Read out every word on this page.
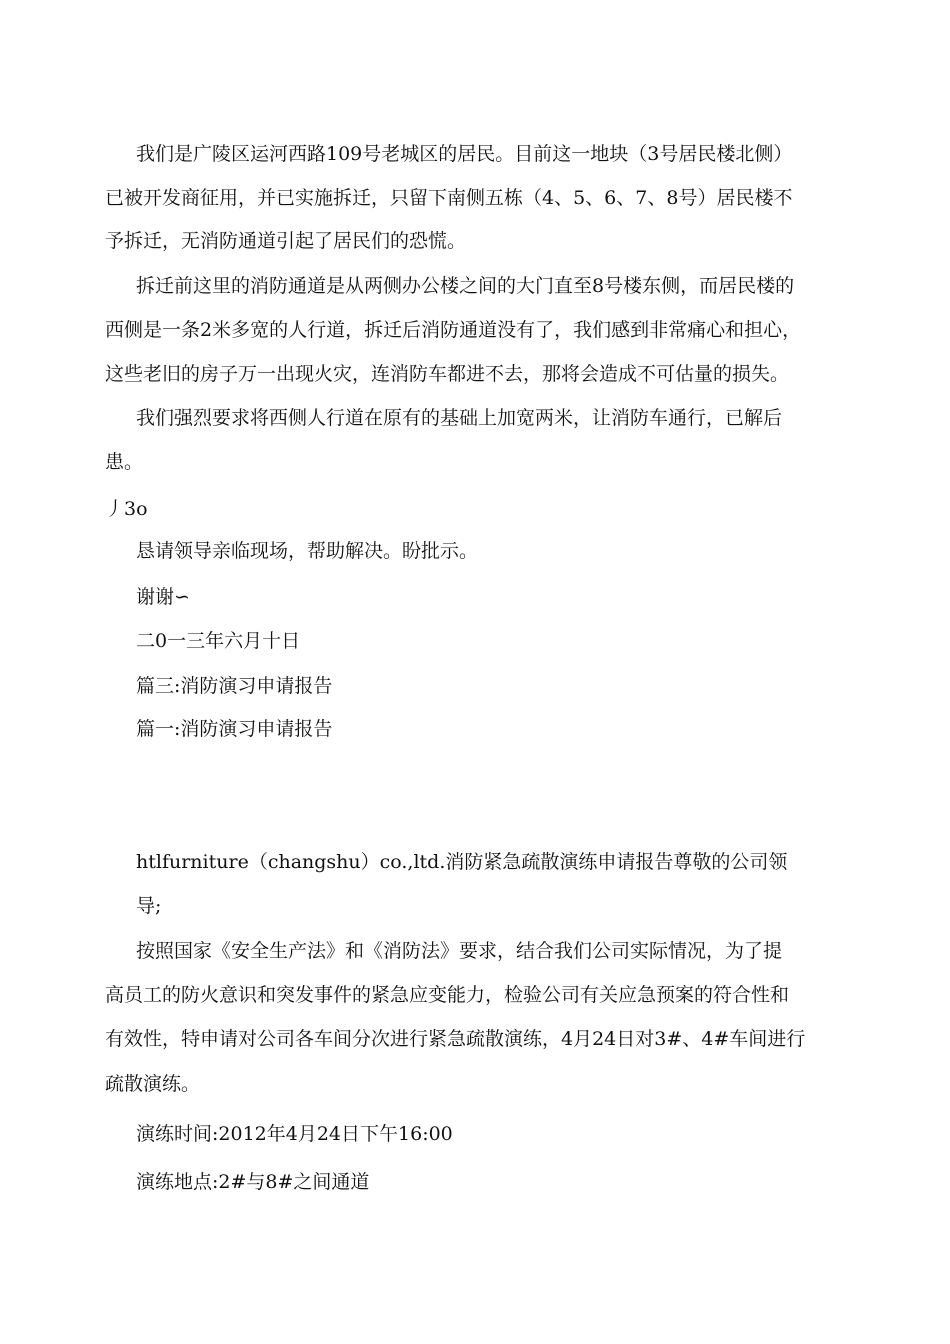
我们是广陵区运河西路109号老城区的居民。目前这一地块（3号居民楼北侧）

已被开发商征用，并已实施拆迁，只留下南侧五栋（4、5、6、7、8号）居民楼不

予拆迁，无消防通道引起了居民们的恐慌。

拆迁前这里的消防通道是从两侧办公楼之间的大门直至8号楼东侧，而居民楼的

西侧是一条2米多宽的人行道，拆迁后消防通道没有了，我们感到非常痛心和担心，

这些老旧的房子万一出现火灾，连消防车都进不去，那将会造成不可估量的损失。

我们强烈要求将西侧人行道在原有的基础上加宽两米，让消防车通行，已解后

患。

丿3o

恳请领导亲临现场，帮助解决。盼批示。

谢谢∽

二0一三年六月十日

篇三:消防演习申请报告

篇一:消防演习申请报告

htlfurniture（changshu）co.,ltd.消防紧急疏散演练申请报告尊敬的公司领

导;

按照国家《安全生产法》和《消防法》要求，结合我们公司实际情况，为了提

高员工的防火意识和突发事件的紧急应变能力，检验公司有关应急预案的符合性和

有效性，特申请对公司各车间分次进行紧急疏散演练，4月24日对3#、4#车间进行

疏散演练。

演练时间:2012年4月24日下午16:00

演练地点:2#与8#之间通道
